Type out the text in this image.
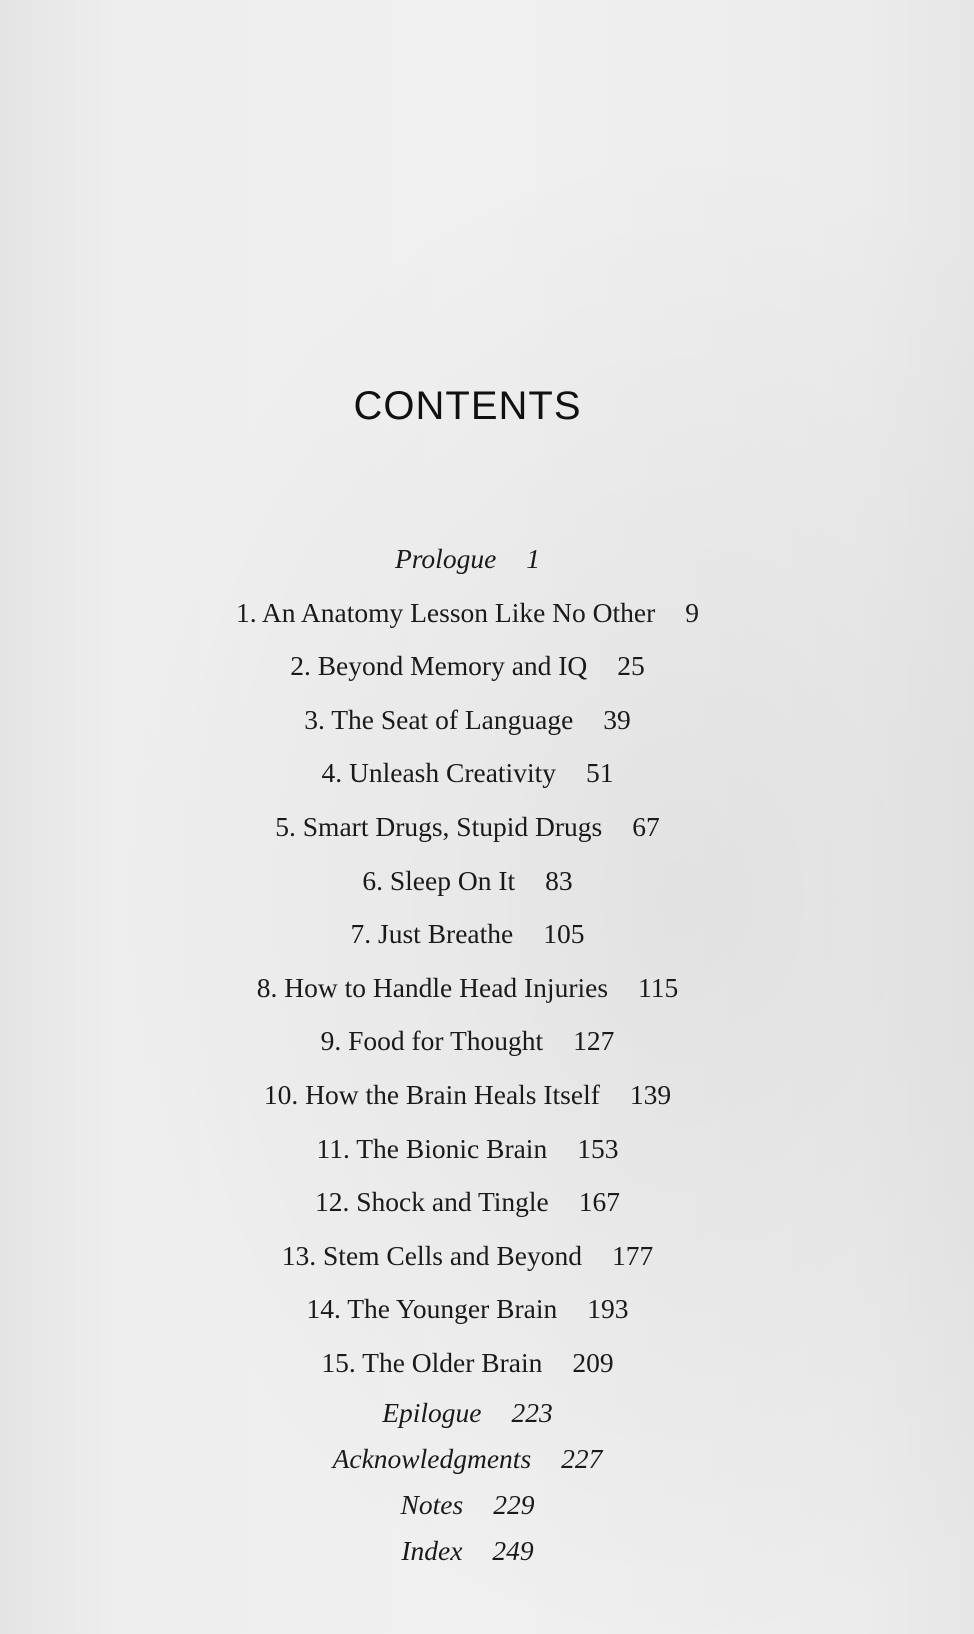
CONTENTS
Prologue 1
1. An Anatomy Lesson Like No Other 9
2. Beyond Memory and IQ 25
3. The Seat of Language 39
4. Unleash Creativity 51
5. Smart Drugs, Stupid Drugs 67
6. Sleep On It 83
7. Just Breathe 105
8. How to Handle Head Injuries 115
9. Food for Thought 127
10. How the Brain Heals Itself 139
11. The Bionic Brain 153
12. Shock and Tingle 167
13. Stem Cells and Beyond 177
14. The Younger Brain 193
15. The Older Brain 209
Epilogue 223
Acknowledgments 227
Notes 229
Index 249
